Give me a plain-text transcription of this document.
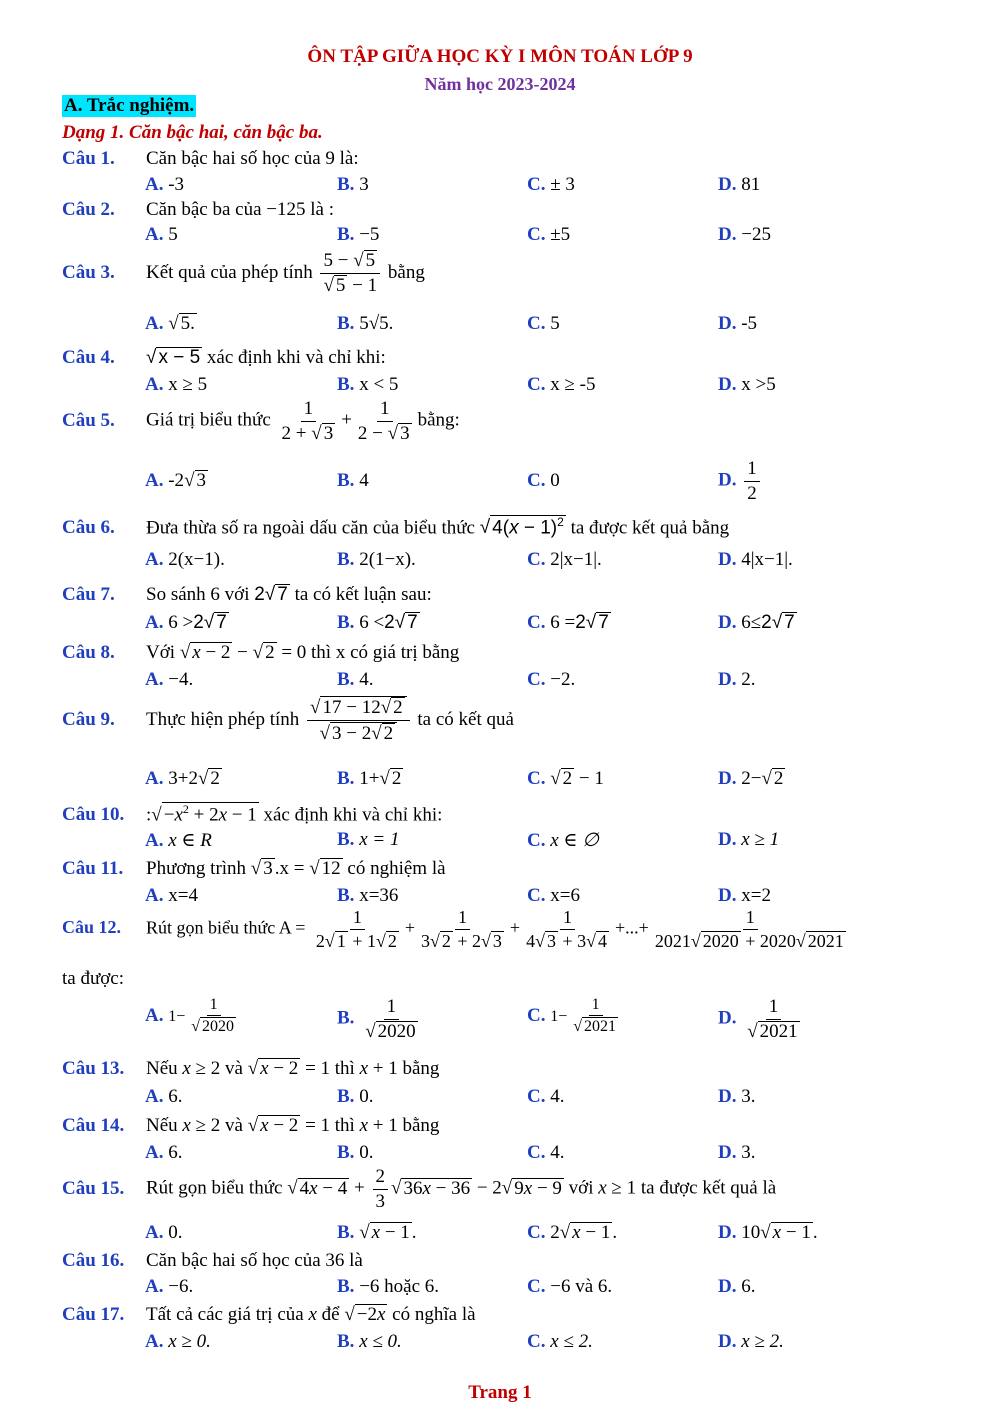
ÔN TẬP GIỮA HỌC KỲ I MÔN TOÁN LỚP 9
Năm học 2023-2024
A. Trắc nghiệm.
Dạng 1. Căn bậc hai, căn bậc ba.
Câu 1. Căn bậc hai số học của 9 là:
A. -3	B. 3	C. ± 3	D. 81
Câu 2. Căn bậc ba của −125 là :
A. 5	B. −5	C. ±5	D. −25
Câu 3. Kết quả của phép tính $\frac{5 - √ 5}{√ 5 - 1}$ bằng
A. √ 5.	B. 5√5.	C. 5	D. -5
Câu 4. √ x − 5 xác định khi và chỉ khi:
A. x ≥ 5	B. x < 5	C. x ≥ -5	D. x >5
Câu 5. Giá trị biểu thức $\frac{1}{2 + √ 3} + \frac{1}{2 - √ 3}$ bằng:
A. -2√ 3	B. 4	C. 0	D. $\frac{1}{2}$
Câu 6. Đưa thừa số ra ngoài dấu căn của biểu thức √ $4(x - 1)^2$ ta được kết quả bằng
A. 2(x−1).	B. 2(1−x).	C. 2|x−1|.	D. 4|x−1|.
Câu 7. So sánh 6 với 2√ 7 ta có kết luận sau:
A. 6 >2√ 7	B. 6 <2√ 7	C. 6 =2√ 7	D. 6≤2√ 7
Câu 8. Với √ x − 2 − √ 2 = 0 thì x có giá trị bằng
A. −4.	B. 4.	C. −2.	D. 2.
Câu 9. Thực hiện phép tính $\frac{√ 17 - 12√ 2}{√ 3 - 2√ 2}$ ta có kết quả
A. 3+2√ 2	B. 1+√ 2	C. √ 2 − 1	D. 2−√ 2
Câu 10. :√ $-x^2 + 2x - 1$ xác định khi và chỉ khi:
A. x ∈ R	B. x = 1	C. x ∈ ∅	D. x ≥ 1
Câu 11. Phương trình √ 3 .x = √ 12 có nghiệm là
A. x=4	B. x=36	C. x=6	D. x=2
Câu 12. Rút gọn biểu thức $A = \frac{1}{2√ 1 + 1√ 2} + \frac{1}{3√ 2 + 2√ 3} + \frac{1}{4√ 3 + 3√ 4}$ +...+ $\frac{1}{2021√ 2020 + 2020√ 2021}$
ta được:
A. $1- \frac{1}{√ 2020}$	B. $\frac{1}{√ 2020}$	C. $1- \frac{1}{√ 2021}$	D. $\frac{1}{√ 2021}$
Câu 13. Nếu x ≥ 2 và √ x − 2 = 1 thì x + 1 bằng
A. 6.	B. 0.	C. 4.	D. 3.
Câu 14. Nếu x ≥ 2 và √ x − 2 = 1 thì x + 1 bằng
A. 6.	B. 0.	C. 4.	D. 3.
Câu 15. Rút gọn biểu thức √ $4x - 4 + \frac{2}{3}$ √ 36x − 36 − 2√ 9x − 9 với x ≥ 1 ta được kết quả là
A. 0.	B. √ x − 1 .	C. 2√ x − 1 .	D. 10√ x − 1 .
Câu 16. Căn bậc hai số học của 36 là
A. −6.	B. −6 hoặc 6.	C. −6 và 6.	D. 6.
Câu 17. Tất cả các giá trị của x để √ −2x có nghĩa là
A. x ≥ 0.	B. x ≤ 0.	C. x ≤ 2.	D. x ≥ 2.
Trang 1
